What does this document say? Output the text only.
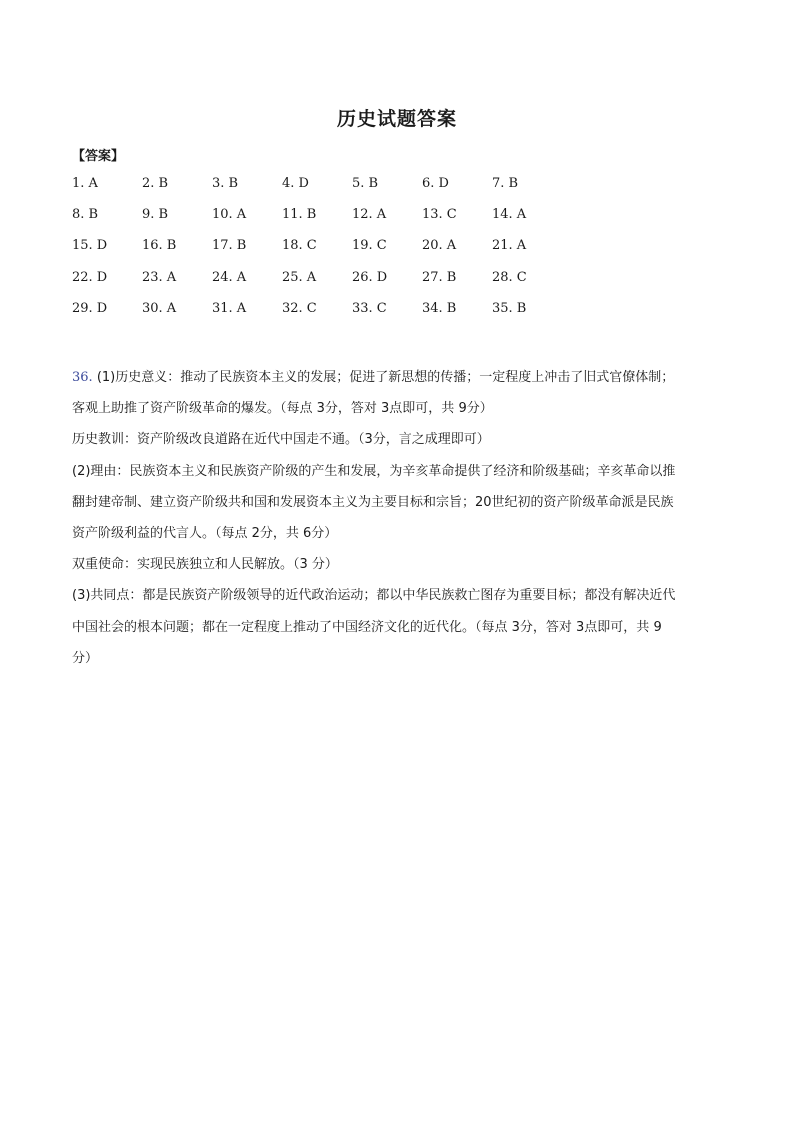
历史试题答案
【答案】
1. A	2. B	3. B	4. D	5. B	6. D	7. B
8. B	9. B	10. A	11. B	12. A	13. C	14. A
15. D	16. B	17. B	18. C	19. C	20. A	21. A
22. D	23. A	24. A	25. A	26. D	27. B	28. C
29. D	30. A	31. A	32. C	33. C	34. B	35. B

36. (1)历史意义：推动了民族资本主义的发展；促进了新思想的传播；一定程度上冲击了旧式官僚体制；

客观上助推了资产阶级革命的爆发。（每点 3分，答对 3点即可，共 9分）

历史教训：资产阶级改良道路在近代中国走不通。（3分，言之成理即可）

(2)理由：民族资本主义和民族资产阶级的产生和发展，为辛亥革命提供了经济和阶级基础；辛亥革命以推

翻封建帝制、建立资产阶级共和国和发展资本主义为主要目标和宗旨；20世纪初的资产阶级革命派是民族

资产阶级利益的代言人。（每点 2分，共 6分）

双重使命：实现民族独立和人民解放。（3 分）

(3)共同点：都是民族资产阶级领导的近代政治运动；都以中华民族救亡图存为重要目标；都没有解决近代

中国社会的根本问题；都在一定程度上推动了中国经济文化的近代化。（每点 3分，答对 3点即可，共 9

分）
